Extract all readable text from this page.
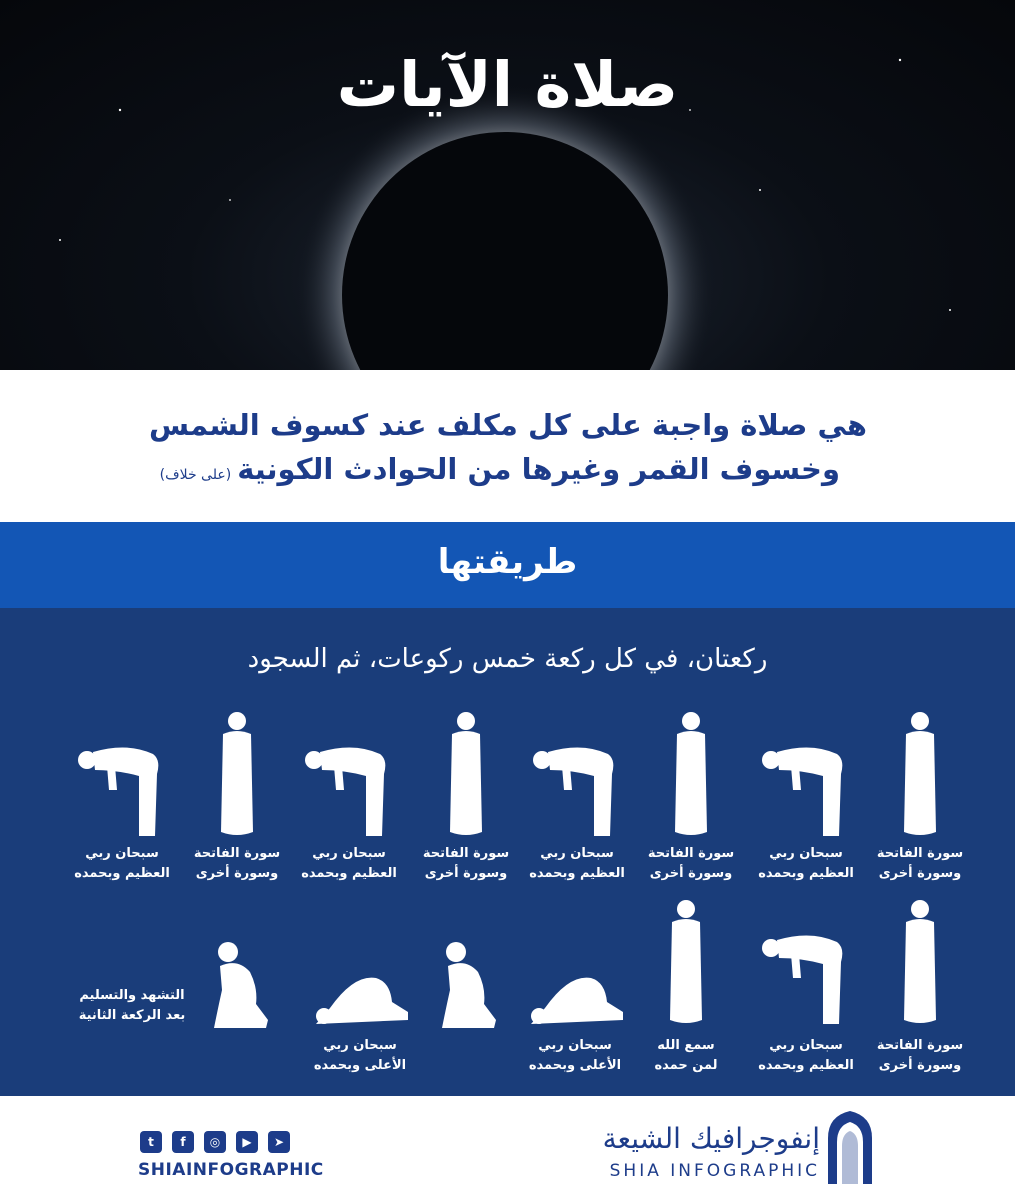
صلاة الآيات
هي صلاة واجبة على كل مكلف عند كسوف الشمس
وخسوف القمر وغيرها من الحوادث الكونية(على خلاف)
طريقتها
ركعتان، في كل ركعة خمس ركوعات، ثم السجود
سورة الفاتحة
وسورة أخرى
سبحان ربي
العظيم وبحمده
سورة الفاتحة
وسورة أخرى
سبحان ربي
العظيم وبحمده
سورة الفاتحة
وسورة أخرى
سبحان ربي
العظيم وبحمده
سورة الفاتحة
وسورة أخرى
سبحان ربي
العظيم وبحمده
سورة الفاتحة
وسورة أخرى
سبحان ربي
العظيم وبحمده
سمع الله
لمن حمده
سبحان ربي
الأعلى وبحمده
سبحان ربي
الأعلى وبحمده
التشهد والتسليم
بعد الركعة الثانية
t	f	◎	▶	➤
SHIAINFOGRAPHIC
إنفوجرافيك الشيعة
SHIA INFOGRAPHIC
